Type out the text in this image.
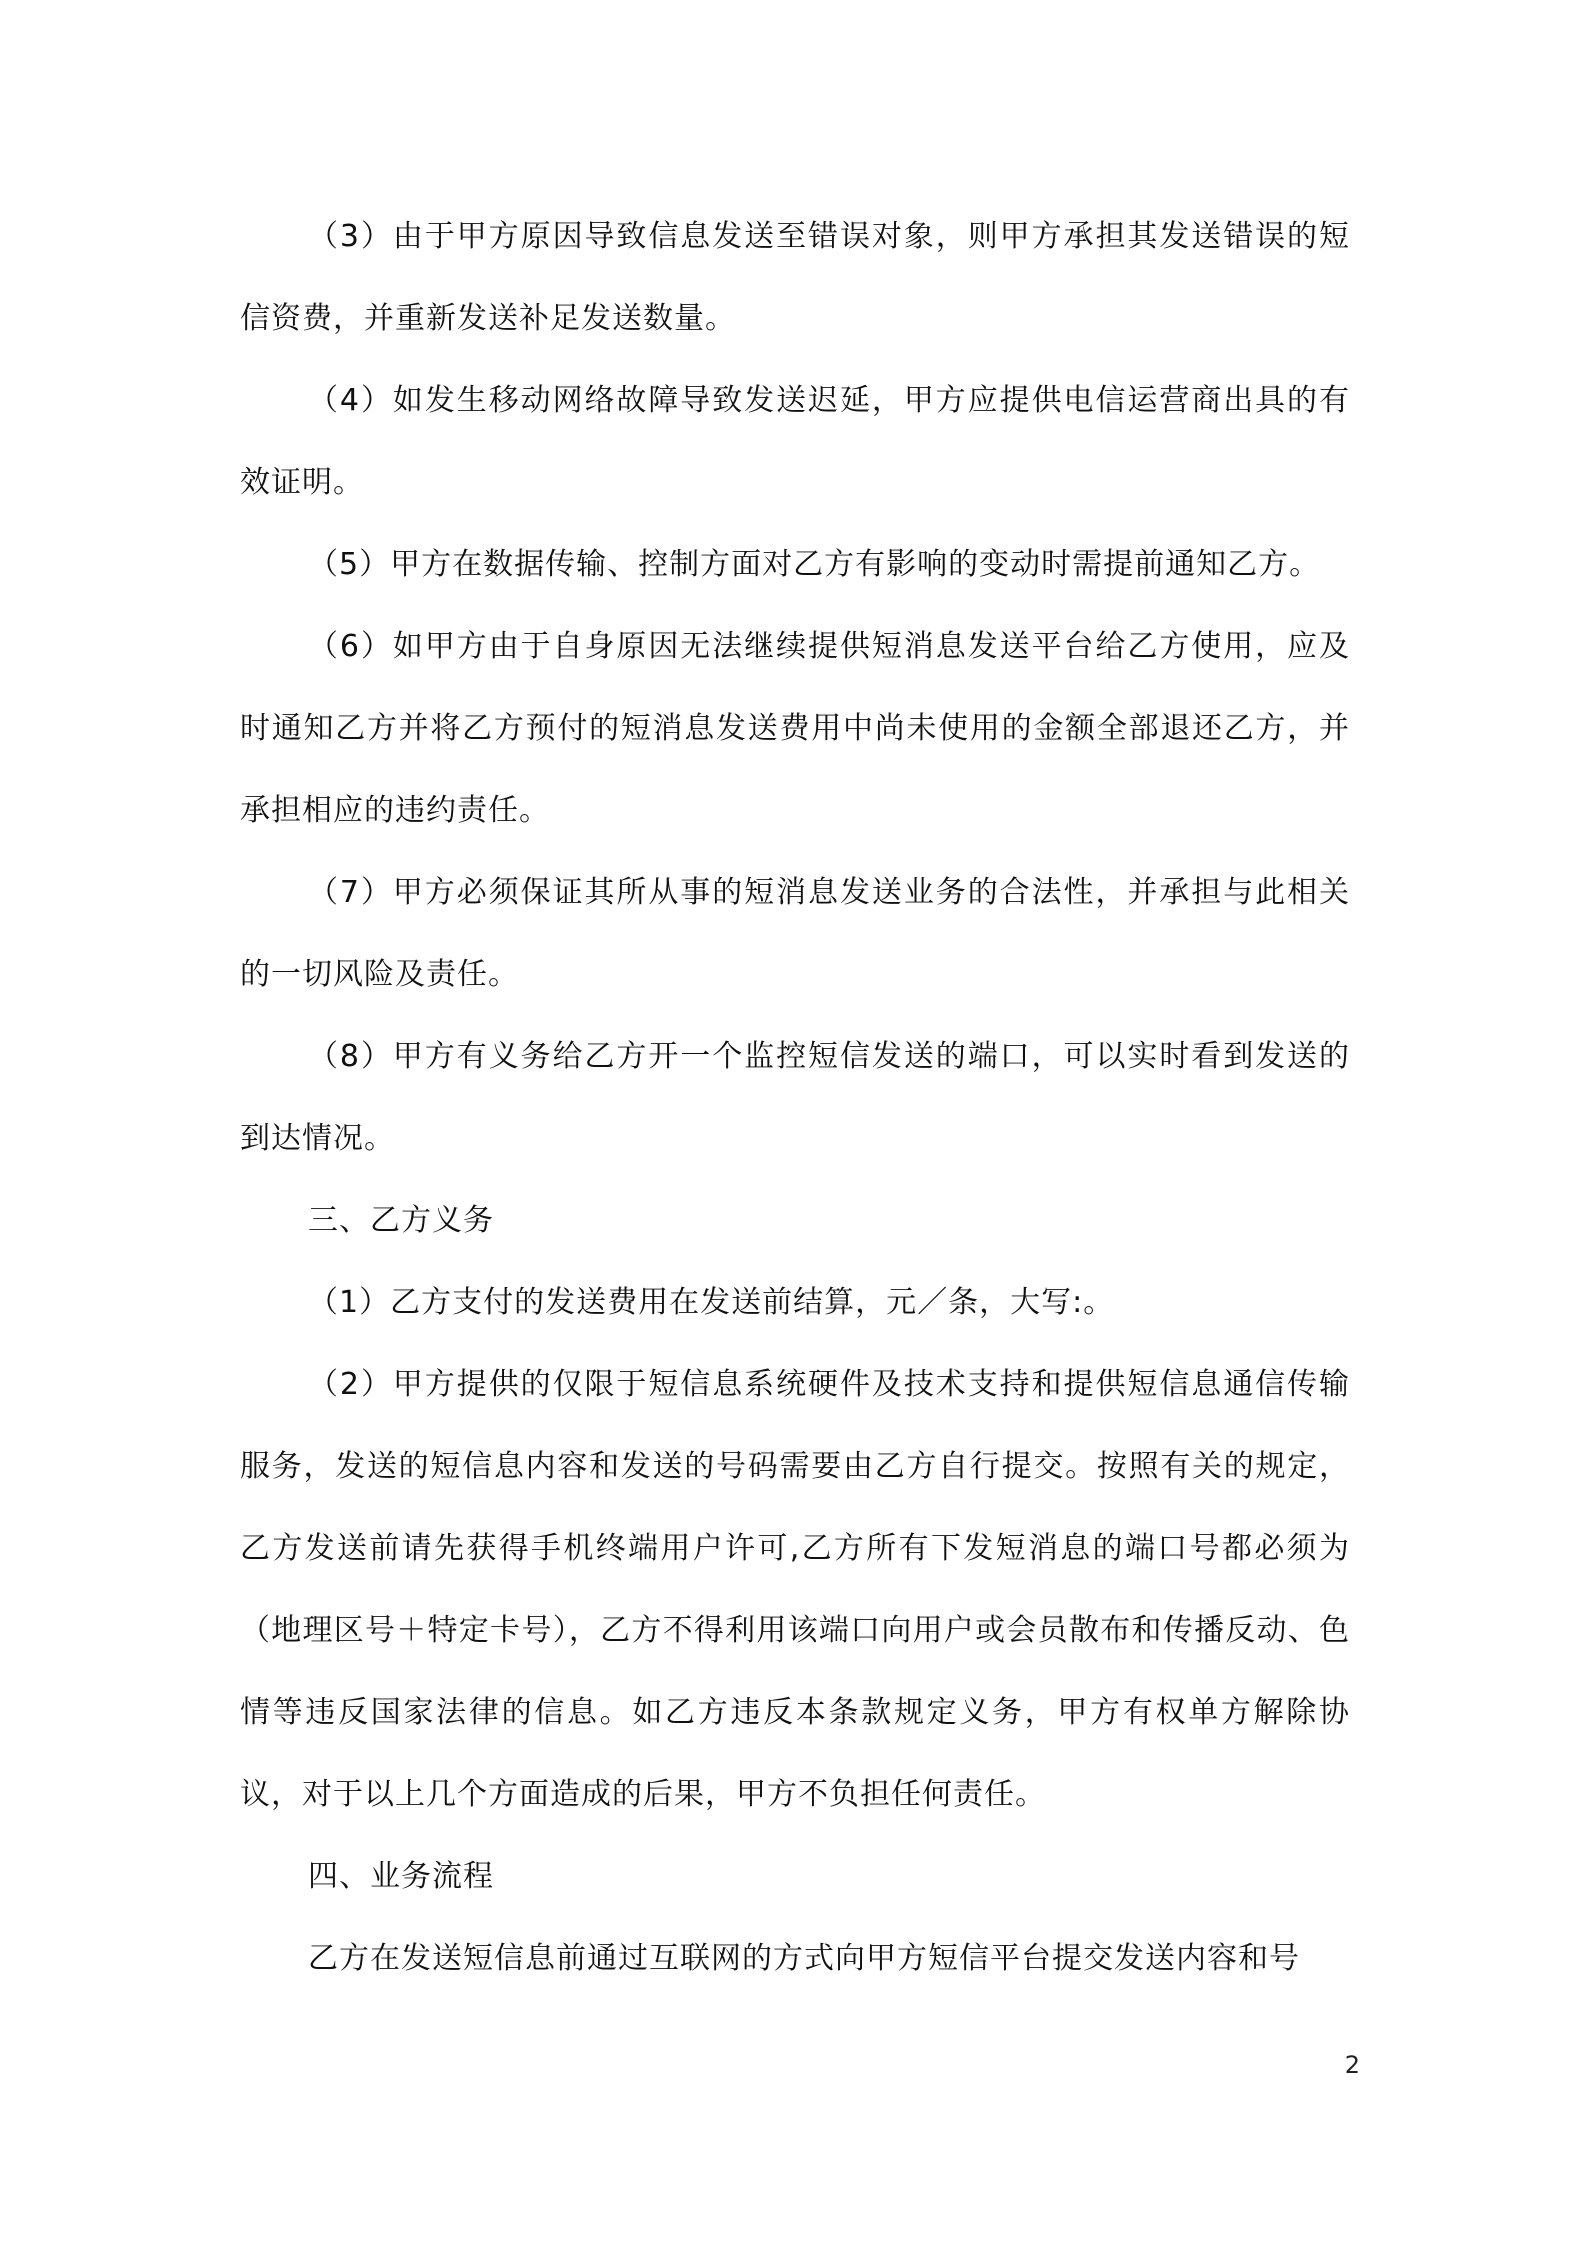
（3）由于甲方原因导致信息发送至错误对象，则甲方承担其发送错误的短信资费，并重新发送补足发送数量。

（4）如发生移动网络故障导致发送迟延，甲方应提供电信运营商出具的有效证明。

（5）甲方在数据传输、控制方面对乙方有影响的变动时需提前通知乙方。

（6）如甲方由于自身原因无法继续提供短消息发送平台给乙方使用，应及时通知乙方并将乙方预付的短消息发送费用中尚未使用的金额全部退还乙方，并承担相应的违约责任。

（7）甲方必须保证其所从事的短消息发送业务的合法性，并承担与此相关的一切风险及责任。

（8）甲方有义务给乙方开一个监控短信发送的端口，可以实时看到发送的到达情况。

三、乙方义务

（1）乙方支付的发送费用在发送前结算，元／条，大写:。

（2）甲方提供的仅限于短信息系统硬件及技术支持和提供短信息通信传输服务，发送的短信息内容和发送的号码需要由乙方自行提交。按照有关的规定，乙方发送前请先获得手机终端用户许可,乙方所有下发短消息的端口号都必须为（地理区号＋特定卡号），乙方不得利用该端口向用户或会员散布和传播反动、色情等违反国家法律的信息。如乙方违反本条款规定义务，甲方有权单方解除协议，对于以上几个方面造成的后果，甲方不负担任何责任。

四、业务流程

乙方在发送短信息前通过互联网的方式向甲方短信平台提交发送内容和号

2
